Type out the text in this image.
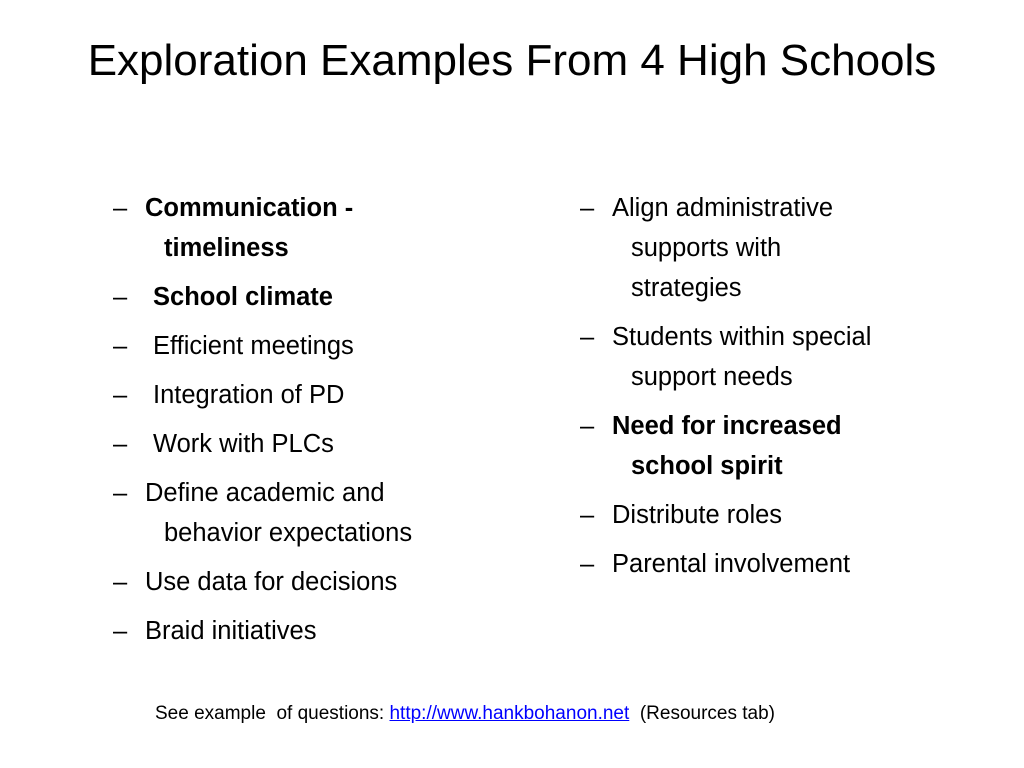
Exploration Examples From 4 High Schools
– Communication -
timeliness
– School climate
– Efficient meetings
– Integration of PD
– Work with PLCs
– Define academic and
behavior expectations
– Use data for decisions
– Braid initiatives
– Align administrative
supports with
strategies
– Students within special
support needs
– Need for increased
school spirit
– Distribute roles
– Parental involvement
See example  of questions: http://www.hankbohanon.net  (Resources tab)
